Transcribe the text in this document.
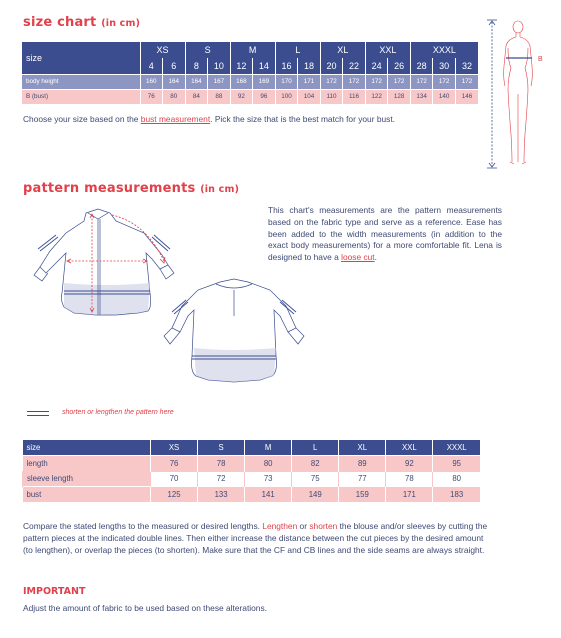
size chart (in cm)
size	XS		S		M		L		XL		XXL		XXXL		
	4	6	8	10	12	14	16	18	20	22	24	26	28	30	32
body height	160	164	164	167	168	169	170	171	172	172	172	172	172	172	172
B (bust)	76	80	84	88	92	96	100	104	110	116	122	128	134	140	146
Choose your size based on the bust measurement. Pick the size that is the best match for your bust.
B
pattern measurements (in cm)
This chart's measurements are the pattern measurements based on the fabric type and serve as a reference. Ease has been added to the width measurements (in addition to the exact body measurements) for a more comfortable fit. Lena is designed to have a loose cut.
shorten or lengthen the pattern here
size	XS	S	M	L	XL	XXL	XXXL
length	76	78	80	82	89	92	95
sleeve length	70	72	73	75	77	78	80
bust	125	133	141	149	159	171	183
Compare the stated lengths to the measured or desired lengths. Lengthen or shorten the blouse and/or sleeves by cutting the pattern pieces at the indicated double lines. Then either increase the distance between the cut pieces by the desired amount (to lengthen), or overlap the pieces (to shorten). Make sure that the CF and CB lines and the side seams are always straight.
IMPORTANT
Adjust the amount of fabric to be used based on these alterations.
